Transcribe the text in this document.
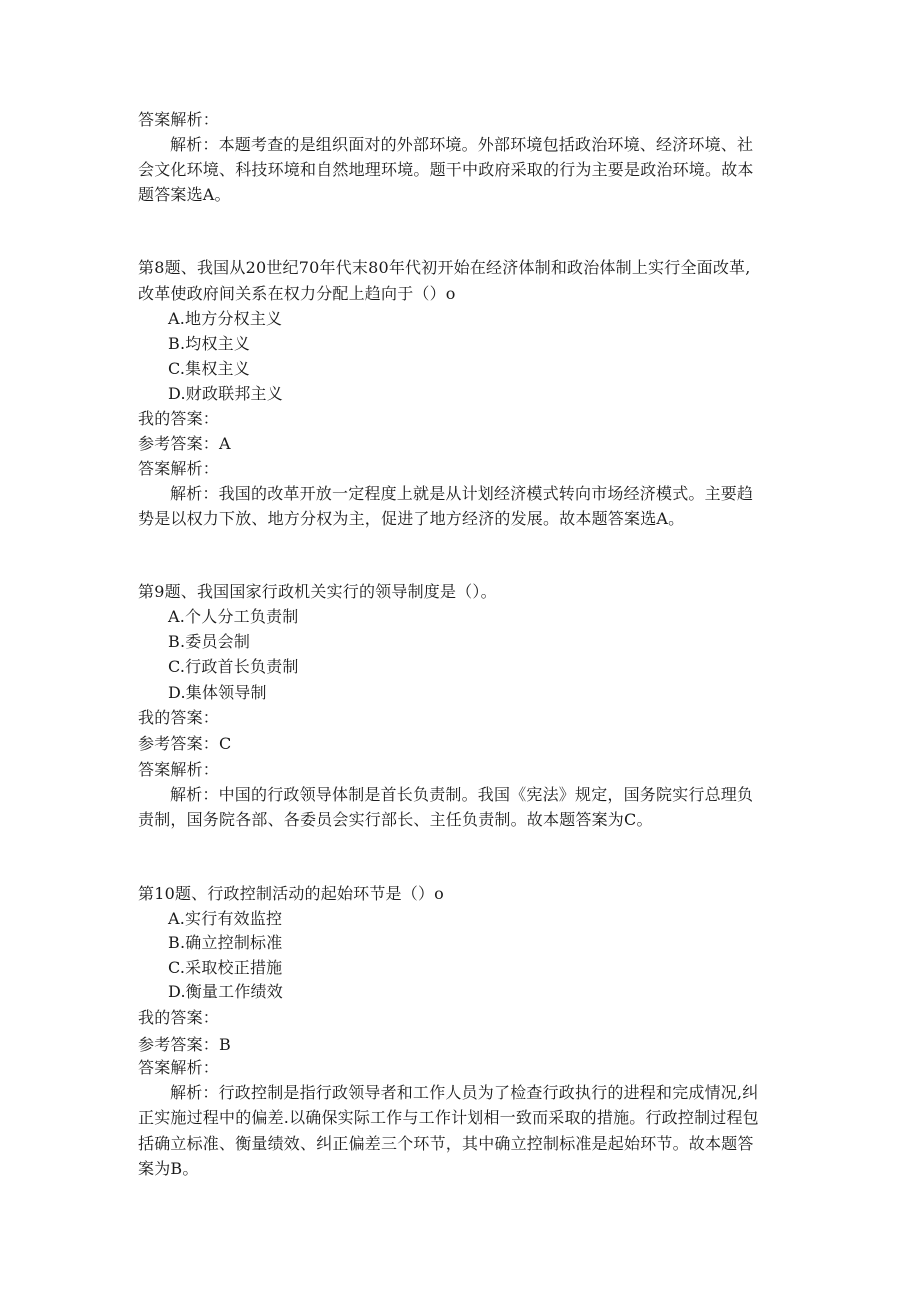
答案解析：
解析：本题考查的是组织面对的外部环境。外部环境包括政治环境、经济环境、社
会文化环境、科技环境和自然地理环境。题干中政府采取的行为主要是政治环境。故本
题答案选A。
第8题、我国从20世纪70年代末80年代初开始在经济体制和政治体制上实行全面改革,
改革使政府间关系在权力分配上趋向于（）o
A.地方分权主义
B.均权主义
C.集权主义
D.财政联邦主义
我的答案：
参考答案：A
答案解析：
解析：我国的改革开放一定程度上就是从计划经济模式转向市场经济模式。主要趋
势是以权力下放、地方分权为主，促进了地方经济的发展。故本题答案选A。
第9题、我国国家行政机关实行的领导制度是（）。
A.个人分工负责制
B.委员会制
C.行政首长负责制
D.集体领导制
我的答案：
参考答案：C
答案解析：
解析：中国的行政领导体制是首长负责制。我国《宪法》规定，国务院实行总理负
责制，国务院各部、各委员会实行部长、主任负责制。故本题答案为C。
第10题、行政控制活动的起始环节是（）o
A.实行有效监控
B.确立控制标准
C.采取校正措施
D.衡量工作绩效
我的答案：
参考答案：B
答案解析：
解析：行政控制是指行政领导者和工作人员为了检查行政执行的进程和完成情况,纠
正实施过程中的偏差.以确保实际工作与工作计划相一致而采取的措施。行政控制过程包
括确立标准、衡量绩效、纠正偏差三个环节，其中确立控制标准是起始环节。故本题答
案为B。
